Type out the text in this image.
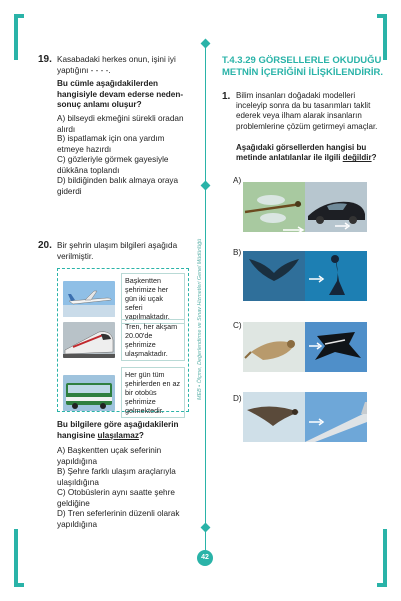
MEB • Ölçme, Değerlendirme ve Sınav Hizmetleri Genel Müdürlüğü
42
19. Kasabadaki herkes onun, işini iyi yaptığını - - - -.
Bu cümle aşağıdakilerden hangisiyle devam ederse neden-sonuç anlamı oluşur?
A) bilseydi ekmeğini sürekli oradan alırdı
B) ispatlamak için ona yardım etmeye hazırdı
C) gözleriyle görmek gayesiyle dükkâna toplandı
D) bildiğinden balık almaya oraya giderdi
20. Bir şehrin ulaşım bilgileri aşağıda verilmiştir.
Başkentten şehrimize her gün iki uçak seferi yapılmaktadır.
Tren, her akşam 20.00'de şehrimize ulaşmaktadır.
Her gün tüm şehirlerden en az bir otobüs şehrimize gelmektedir.
Bu bilgilere göre aşağıdakilerin hangisine ulaşılamaz?
A) Başkentten uçak seferinin yapıldığına
B) Şehre farklı ulaşım araçlarıyla ulaşıldığına
C) Otobüslerin aynı saatte şehre geldiğine
D) Tren seferlerinin düzenli olarak yapıldığına
T.4.3.29 GÖRSELLERLE OKUDUĞU METNİN İÇERİĞİNİ İLİŞKİLENDİRİR.
1. Bilim insanları doğadaki modelleri inceleyip sonra da bu tasarımları taklit ederek veya ilham alarak insanların problemlerine çözüm getirmeyi amaçlar.
Aşağıdaki görsellerden hangisi bu metinde anlatılanlar ile ilgili değildir?
A)
B)
C)
D)
